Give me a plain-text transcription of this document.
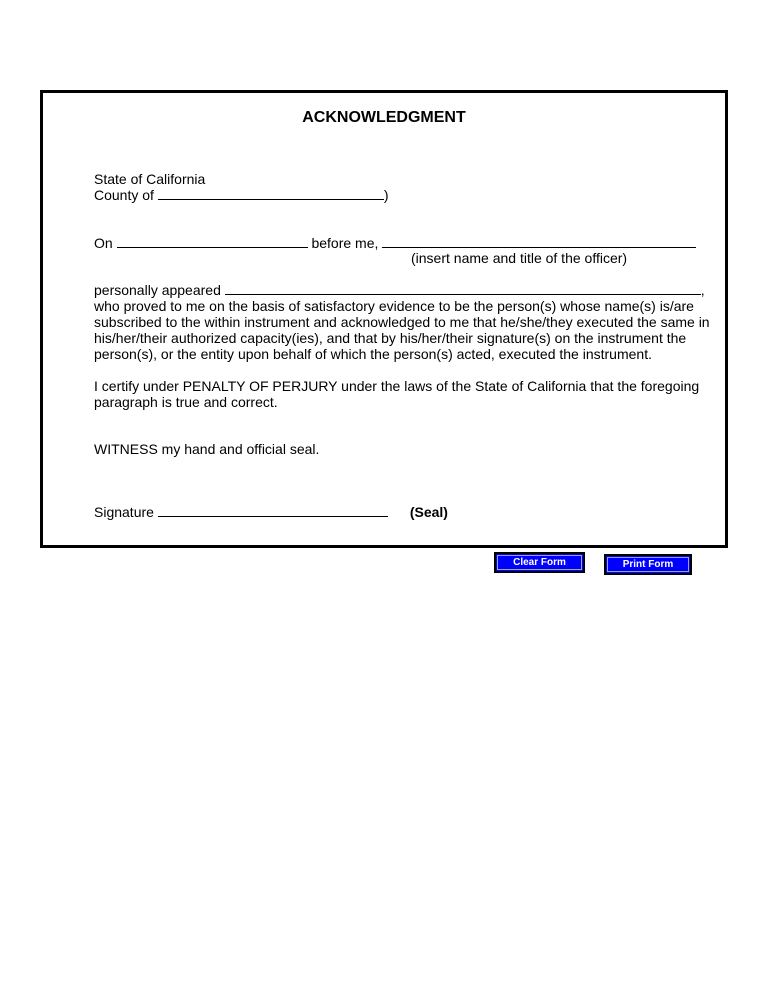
ACKNOWLEDGMENT
State of California
County of	)
On	before me,
(insert name and title of the officer)
personally appeared	,
who proved to me on the basis of satisfactory evidence to be the person(s) whose name(s) is/are subscribed to the within instrument and acknowledged to me that he/she/they executed the same in his/her/their authorized capacity(ies), and that by his/her/their signature(s) on the instrument the person(s), or the entity upon behalf of which the person(s) acted, executed the instrument.
I certify under PENALTY OF PERJURY under the laws of the State of California that the foregoing paragraph is true and correct.
WITNESS my hand and official seal.
Signature	(Seal)
Clear Form	Print Form
